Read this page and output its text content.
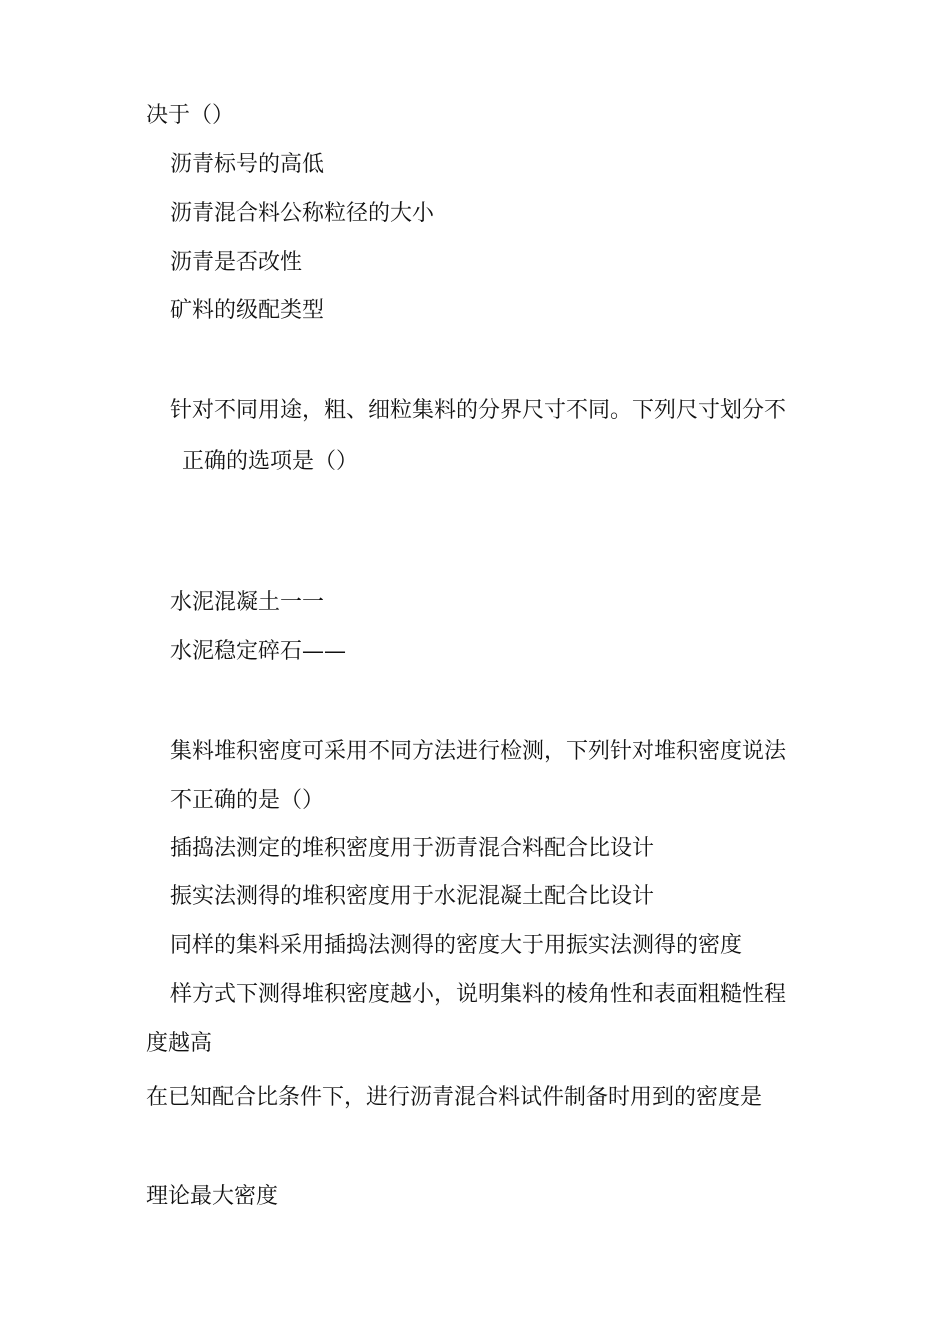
决于（）
沥青标号的高低
沥青混合料公称粒径的大小
沥青是否改性
矿料的级配类型
针对不同用途，粗、细粒集料的分界尺寸不同。下列尺寸划分不
正确的选项是（）
水泥混凝土一一
水泥稳定碎石——
集料堆积密度可采用不同方法进行检测，下列针对堆积密度说法
不正确的是（）
插捣法测定的堆积密度用于沥青混合料配合比设计
振实法测得的堆积密度用于水泥混凝土配合比设计
同样的集料采用插捣法测得的密度大于用振实法测得的密度
样方式下测得堆积密度越小，说明集料的棱角性和表面粗糙性程
度越高
在已知配合比条件下，进行沥青混合料试件制备时用到的密度是
理论最大密度
